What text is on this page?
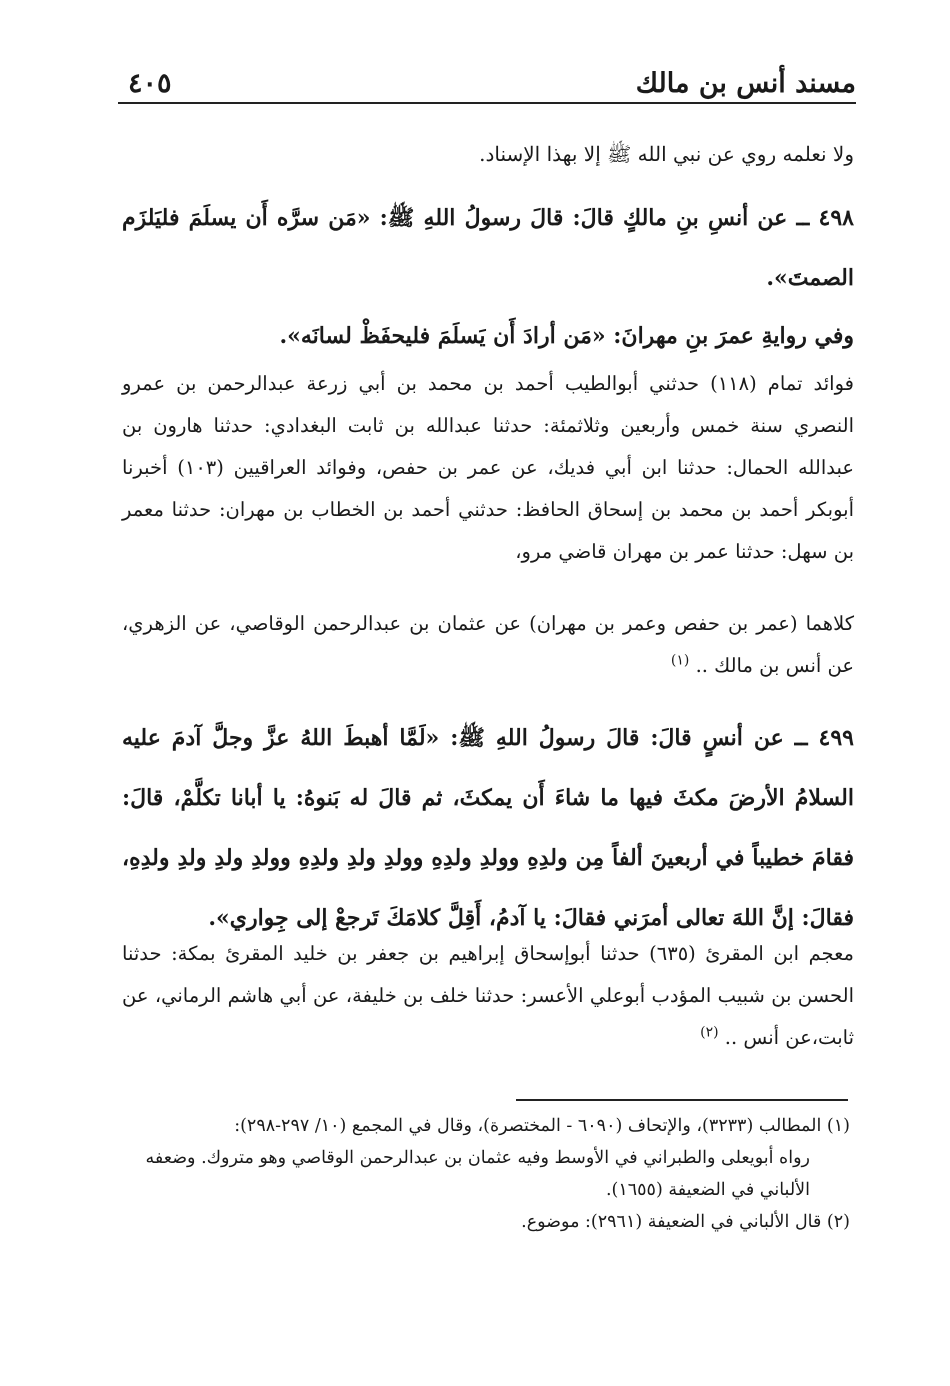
مسند أنس بن مالك
٤٠٥
ولا نعلمه روي عن نبي الله ﷺ إلا بهذا الإسناد.
٤٩٨ ــ عن أنسِ بنِ مالكٍ قالَ: قالَ رسولُ اللهِ ﷺ: «مَن سرَّه أَن يسلَمَ فليَلزَم الصمتَ».
وفي روايةِ عمرَ بنِ مهرانَ: «مَن أرادَ أَن يَسلَمَ فليحفَظْ لسانَه».
فوائد تمام (١١٨) حدثني أبوالطيب أحمد بن محمد بن أبي زرعة عبدالرحمن بن عمرو النصري سنة خمس وأربعين وثلاثمئة: حدثنا عبدالله بن ثابت البغدادي: حدثنا هارون بن عبدالله الحمال: حدثنا ابن أبي فديك، عن عمر بن حفص، وفوائد العراقيين (١٠٣) أخبرنا أبوبكر أحمد بن محمد بن إسحاق الحافظ: حدثني أحمد بن الخطاب بن مهران: حدثنا معمر بن سهل: حدثنا عمر بن مهران قاضي مرو،
كلاهما (عمر بن حفص وعمر بن مهران) عن عثمان بن عبدالرحمن الوقاصي، عن الزهري، عن أنس بن مالك .. $^{(١)}$
٤٩٩ ــ عن أنسٍ قالَ: قالَ رسولُ اللهِ ﷺ: «لَمَّا أهبطَ اللهُ عزَّ وجلَّ آدمَ عليه السلامُ الأرضَ مكثَ فيها ما شاءَ أَن يمكثَ، ثم قالَ له بَنوهُ: يا أبانا تكلَّمْ، قالَ: فقامَ خطيباً في أربعينَ ألفاً مِن ولدِهِ وولدِ ولدِهِ وولدِ ولدِ ولدِهِ وولدِ ولدِ ولدِ ولدِهِ، فقالَ: إنَّ اللهَ تعالى أمرَني فقالَ: يا آدمُ، أَقِلَّ كلامَكَ تَرجعْ إلى جِواري».
معجم ابن المقرئ (٦٣٥) حدثنا أبوإسحاق إبراهيم بن جعفر بن خليد المقرئ بمكة: حدثنا الحسن بن شبيب المؤدب أبوعلي الأعسر: حدثنا خلف بن خليفة، عن أبي هاشم الرماني، عن ثابت،عن أنس .. $^{(٢)}$

(١) المطالب (٣٢٣٣)، والإتحاف (٦٠٩٠ - المختصرة)، وقال في المجمع (١٠/ ٢٩٧-٢٩٨):

رواه أبويعلى والطبراني في الأوسط وفيه عثمان بن عبدالرحمن الوقاصي وهو متروك. وضعفه الألباني في الضعيفة (١٦٥٥).

(٢) قال الألباني في الضعيفة (٢٩٦١): موضوع.
